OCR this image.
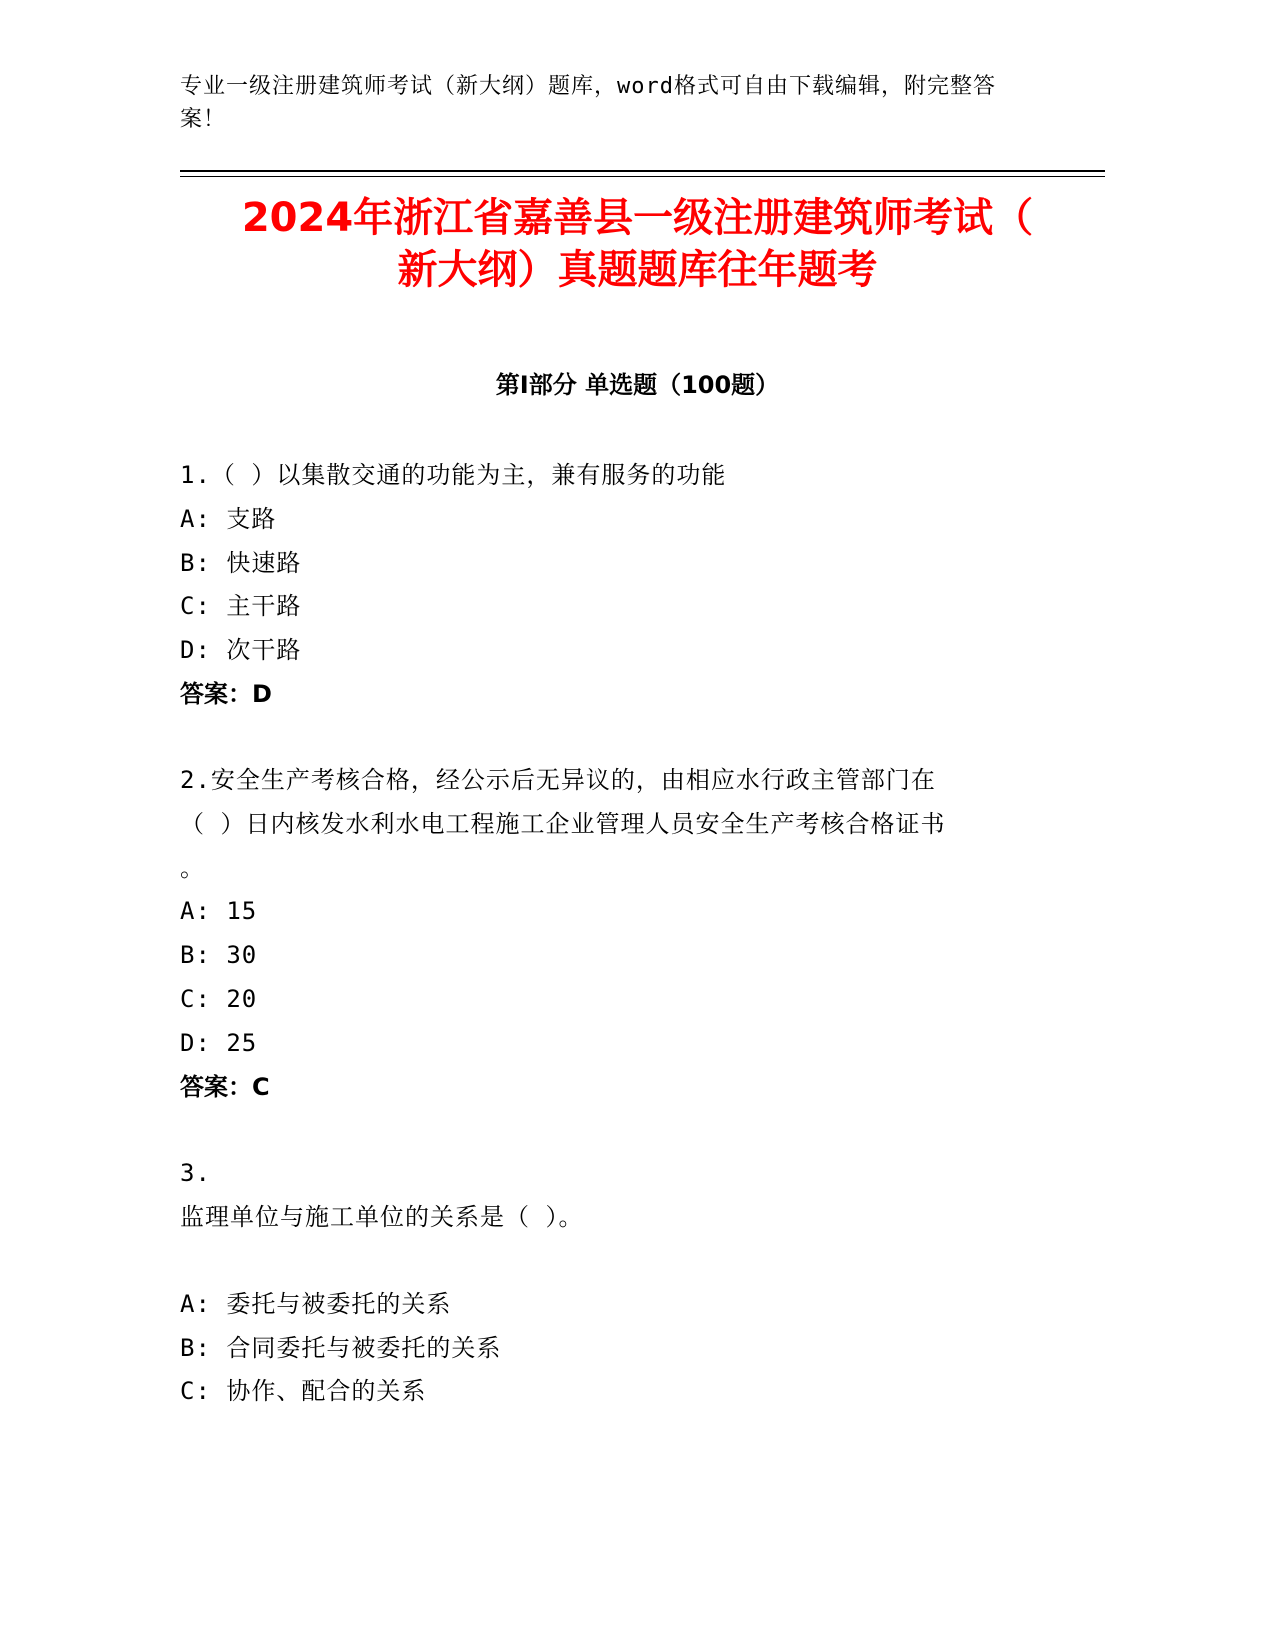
专业一级注册建筑师考试（新大纲）题库，word格式可自由下载编辑，附完整答案！
2024年浙江省嘉善县一级注册建筑师考试（
新大纲）真题题库往年题考
第I部分 单选题（100题）
1.（ ）以集散交通的功能为主，兼有服务的功能
A: 支路
B: 快速路
C: 主干路
D: 次干路
答案：D
2.安全生产考核合格，经公示后无异议的，由相应水行政主管部门在
（ ）日内核发水利水电工程施工企业管理人员安全生产考核合格证书
。
A: 15
B: 30
C: 20
D: 25
答案：C
3.
监理单位与施工单位的关系是（ ）。
A: 委托与被委托的关系
B: 合同委托与被委托的关系
C: 协作、配合的关系
